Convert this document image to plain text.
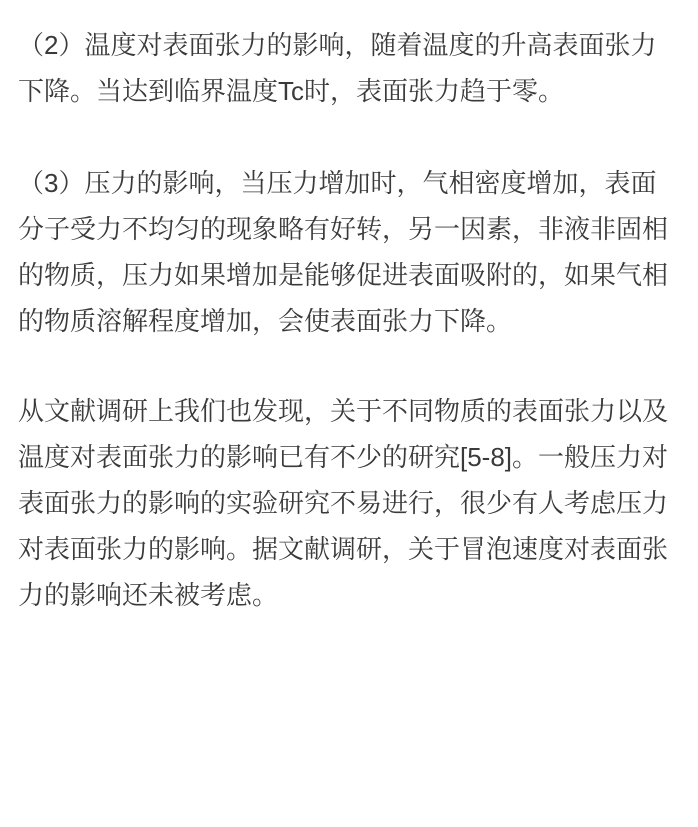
（2）温度对表面张力的影响，随着温度的升高表面张力下降。当达到临界温度Tc时，表面张力趋于零。

（3）压力的影响，当压力增加时，气相密度增加，表面分子受力不均匀的现象略有好转，另一因素，非液非固相的物质，压力如果增加是能够促进表面吸附的，如果气相的物质溶解程度增加，会使表面张力下降。

从文献调研上我们也发现，关于不同物质的表面张力以及温度对表面张力的影响已有不少的研究[5-8]。一般压力对表面张力的影响的实验研究不易进行，很少有人考虑压力对表面张力的影响。据文献调研，关于冒泡速度对表面张力的影响还未被考虑。
